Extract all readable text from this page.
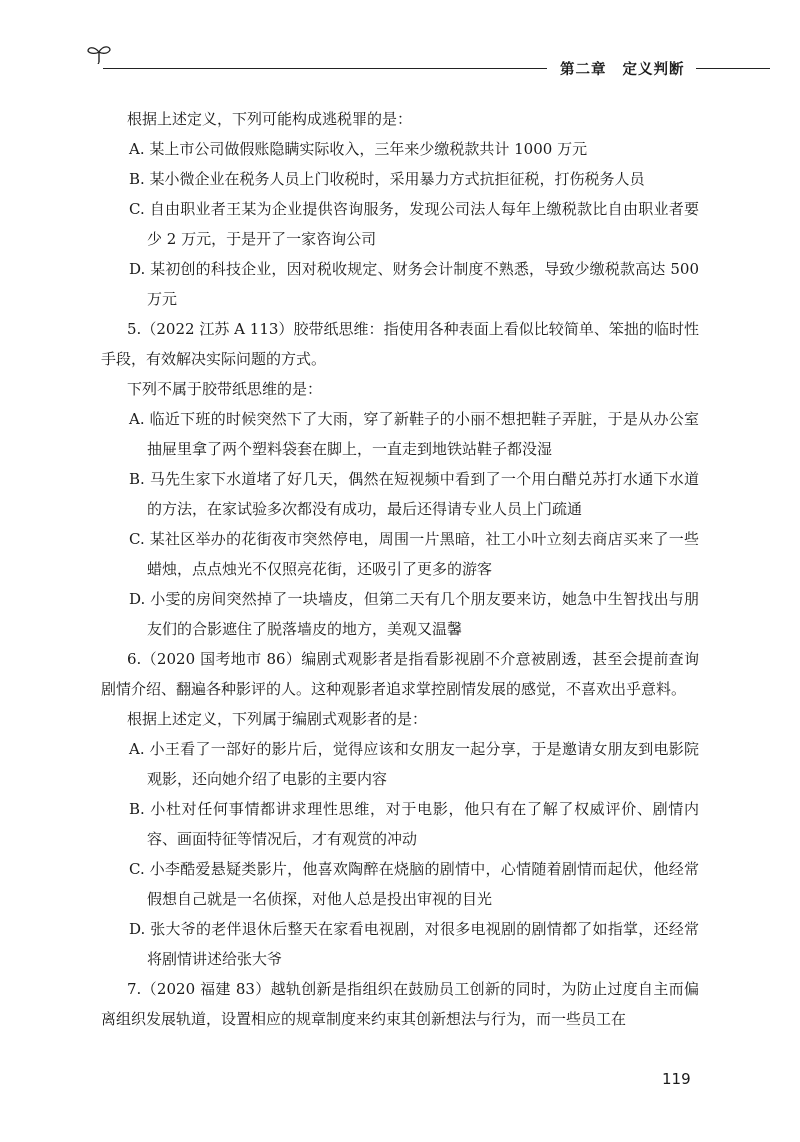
第二章 定义判断

根据上述定义，下列可能构成逃税罪的是：

A. 某上市公司做假账隐瞒实际收入，三年来少缴税款共计 1000 万元

B. 某小微企业在税务人员上门收税时，采用暴力方式抗拒征税，打伤税务人员

C. 自由职业者王某为企业提供咨询服务，发现公司法人每年上缴税款比自由职业者要少 2 万元，于是开了一家咨询公司

D. 某初创的科技企业，因对税收规定、财务会计制度不熟悉，导致少缴税款高达 500 万元

5.（2022 江苏 A 113）胶带纸思维：指使用各种表面上看似比较简单、笨拙的临时性手段，有效解决实际问题的方式。

下列不属于胶带纸思维的是：

A. 临近下班的时候突然下了大雨，穿了新鞋子的小丽不想把鞋子弄脏，于是从办公室抽屉里拿了两个塑料袋套在脚上，一直走到地铁站鞋子都没湿

B. 马先生家下水道堵了好几天，偶然在短视频中看到了一个用白醋兑苏打水通下水道的方法，在家试验多次都没有成功，最后还得请专业人员上门疏通

C. 某社区举办的花街夜市突然停电，周围一片黑暗，社工小叶立刻去商店买来了一些蜡烛，点点烛光不仅照亮花街，还吸引了更多的游客

D. 小雯的房间突然掉了一块墙皮，但第二天有几个朋友要来访，她急中生智找出与朋友们的合影遮住了脱落墙皮的地方，美观又温馨

6.（2020 国考地市 86）编剧式观影者是指看影视剧不介意被剧透，甚至会提前查询剧情介绍、翻遍各种影评的人。这种观影者追求掌控剧情发展的感觉，不喜欢出乎意料。

根据上述定义，下列属于编剧式观影者的是：

A. 小王看了一部好的影片后，觉得应该和女朋友一起分享，于是邀请女朋友到电影院观影，还向她介绍了电影的主要内容

B. 小杜对任何事情都讲求理性思维，对于电影，他只有在了解了权威评价、剧情内容、画面特征等情况后，才有观赏的冲动

C. 小李酷爱悬疑类影片，他喜欢陶醉在烧脑的剧情中，心情随着剧情而起伏，他经常假想自己就是一名侦探，对他人总是投出审视的目光

D. 张大爷的老伴退休后整天在家看电视剧，对很多电视剧的剧情都了如指掌，还经常将剧情讲述给张大爷

7.（2020 福建 83）越轨创新是指组织在鼓励员工创新的同时，为防止过度自主而偏离组织发展轨道，设置相应的规章制度来约束其创新想法与行为，而一些员工在

119
